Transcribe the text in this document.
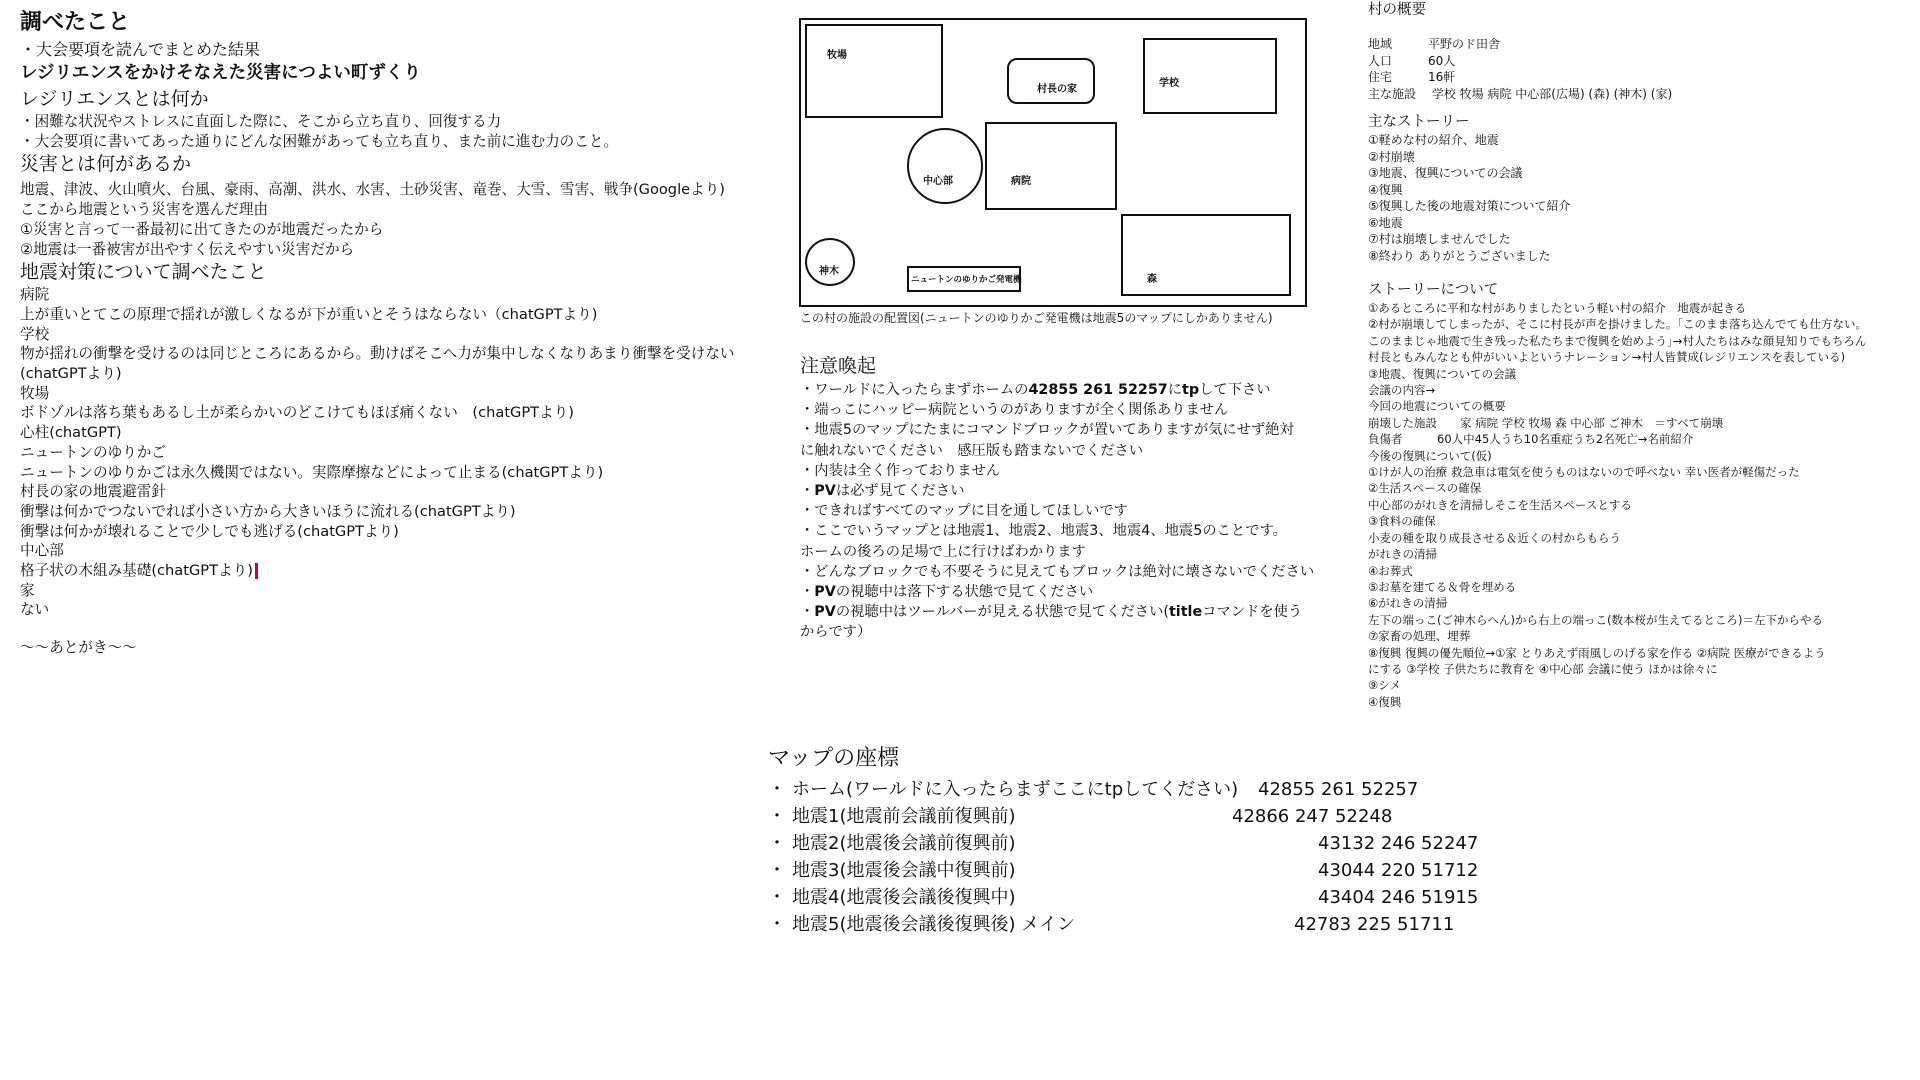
調べたこと
・大会要項を読んでまとめた結果
レジリエンスをかけそなえた災害につよい町ずくり
レジリエンスとは何か
・困難な状況やストレスに直面した際に、そこから立ち直り、回復する力
・大会要項に書いてあった通りにどんな困難があっても立ち直り、また前に進む力のこと。
災害とは何があるか
地震、津波、火山噴火、台風、豪雨、高潮、洪水、水害、土砂災害、竜巻、大雪、雪害、戦争(Googleより)
ここから地震という災害を選んだ理由
①災害と言って一番最初に出てきたのが地震だったから
②地震は一番被害が出やすく伝えやすい災害だから
地震対策について調べたこと
病院
上が重いとてこの原理で揺れが激しくなるが下が重いとそうはならない（chatGPTより)
学校
物が揺れの衝撃を受けるのは同じところにあるから。動けばそこへ力が集中しなくなりあまり衝撃を受けない
(chatGPTより)
牧場
ボドゾルは落ち葉もあるし土が柔らかいのどこけてもほぼ痛くない　(chatGPTより)
心柱(chatGPT)
ニュートンのゆりかご
ニュートンのゆりかごは永久機関ではない。実際摩擦などによって止まる(chatGPTより)
村長の家の地震避雷針
衝撃は何かでつないでれば小さい方から大きいほうに流れる(chatGPTより)
衝撃は何かが壊れることで少しでも逃げる(chatGPTより)
中心部
格子状の木組み基礎(chatGPTより)
家
ない
～～あとがき～～
牧場
村長の家
学校
中心部	病院
神木
ニュートンのゆりかご発電機	森
この村の施設の配置図(ニュートンのゆりかご発電機は地震5のマップにしかありません)
注意喚起
・ワールドに入ったらまずホームの42855 261 52257にtpして下さい
・端っこにハッピー病院というのがありますが全く関係ありません
・地震5のマップにたまにコマンドブロックが置いてありますが気にせず絶対
に触れないでください　感圧版も踏まないでください
・内装は全く作っておりません
・PVは必ず見てください
・できればすべてのマップに目を通してほしいです
・ここでいうマップとは地震1、地震2、地震3、地震4、地震5のことです。
ホームの後ろの足場で上に行けばわかります
・どんなブロックでも不要そうに見えてもブロックは絶対に壊さないでください
・PVの視聴中は落下する状態で見てください
・PVの視聴中はツールバーが見える状態で見てください(titleコマンドを使う
からです）
マップの座標
・ ホーム(ワールドに入ったらまずここにtpしてください) 42855 261 52257
・ 地震1(地震前会議前復興前)	42866 247 52248
・ 地震2(地震後会議前復興前)	43132 246 52247
・ 地震3(地震後会議中復興前)	43044 220 51712
・ 地震4(地震後会議後復興中)	43404 246 51915
・ 地震5(地震後会議後復興後) メイン	42783 225 51711
村の概要
地域	平野のド田舎
人口	60人
住宅	16軒
主な施設　 学校 牧場 病院 中心部(広場) (森) (神木) (家)
主なストーリー
①軽めな村の紹介、地震
②村崩壊
③地震、復興についての会議
④復興
⑤復興した後の地震対策について紹介
⑥地震
⑦村は崩壊しませんでした
⑧終わり ありがとうございました
ストーリーについて
①あるところに平和な村がありましたという軽い村の紹介　地震が起きる
②村が崩壊してしまったが、そこに村長が声を掛けました。｢このまま落ち込んでても仕方ない。
このままじゃ地震で生き残った私たちまで復興を始めよう｣→村人たちはみな顔見知りでもちろん
村長ともみんなとも仲がいいよというナレーション→村人皆賛成(レジリエンスを表している)
③地震、復興についての会議
会議の内容→
今回の地震についての概要
崩壊した施設　　家 病院 学校 牧場 森 中心部 ご神木　＝すべて崩壊
負傷者　　　60人中45人うち10名重症うち2名死亡→名前紹介
今後の復興について(仮)
①けが人の治療 救急車は電気を使うものはないので呼べない 幸い医者が軽傷だった
②生活スペースの確保
中心部のがれきを清掃しそこを生活スペースとする
③食料の確保
小麦の種を取り成長させる＆近くの村からもらう
がれきの清掃
④お葬式
⑤お墓を建てる＆骨を埋める
⑥がれきの清掃
左下の端っこ(ご神木らへん)から右上の端っこ(数本桜が生えてるところ)＝左下からやる
⑦家畜の処理、埋葬
⑧復興 復興の優先順位→①家 とりあえず雨風しのげる家を作る ②病院 医療ができるよう
にする ③学校 子供たちに教育を ④中心部 会議に使う ほかは徐々に
⑨シメ
④復興
